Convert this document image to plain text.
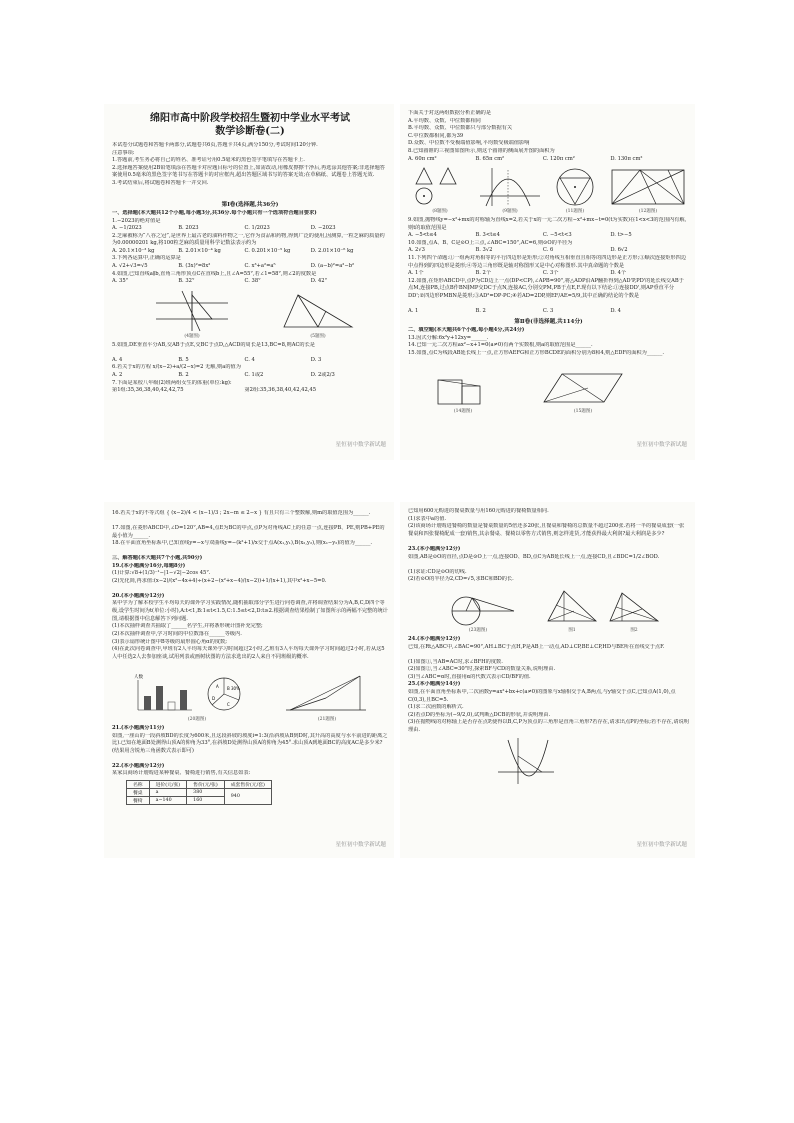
绵阳市高中阶段学校招生暨初中学业水平考试
数学诊断卷(二)
本试卷分试题卷和答题卡两部分,试题卷共6页,答题卡共4页,满分150分,考试时间120分钟.
注意事项:
1.答题前,考生务必将自己的姓名、准考证号用0.5毫米的黑色签字笔填写在答题卡上.
2.选择题答案使用2B铅笔填涂在答题卡对应题目标号的位置上,如需改动,用橡皮擦擦干净后,再选涂其他答案;非选择题答案使用0.5毫米的黑色签字笔书写在答题卡的对应框内,超出答题区域书写的答案无效;在草稿纸、试题卷上答题无效.
3.考试结束后,将试题卷和答题卡一并交回.
第Ⅰ卷(选择题,共36分)
一、选择题(本大题共12个小题,每小题3分,共36分.每个小题只有一个选项符合题目要求)
1.−2023的绝对值是
A. −1/2023	B. 2023	C. 1/2023	D. −2023
2.芝麻被称为“八谷之冠”,是世界上最古老的油料作物之一,它作为食品和药物,得到广泛的使用,因测算,一粒芝麻的质量约为0.00000201 kg,将100粒芝麻的质量用科学记数法表示约为
A. 20.1×10⁻³ kg	B. 2.01×10⁻⁴ kg	C. 0.201×10⁻⁵ kg	D. 2.01×10⁻⁶ kg
3.下列各运算中,正确的运算是
A. √2+√3=√5	B. (3x)²=8x²	C. x³+a²=a⁵	D. (a−b)²=a²−b²
4.如图,已知直线a∥b,直角三角形顶点C在直线b上,且∠A=55°,若∠1=58°,则∠2的度数是
A. 35°	B. 32°	C. 38°	D. 42°
(4题图)	(5题图)
5.如图,DE垂直平分AB,交AB于点E,交BC于点D,△ACD的周长是13,BC=8,则AC的长是
A. 4	B. 5	C. 4	D. 3
6.若关于x的方程 x/(x−2)+a/(2−x)=2 无解,则a的值为
A. 2	B. 2	C. 1或2	D. 2或2/3
7.下面是某校八年级(2)班两组女生的体重(单位:kg):
第1组:35,36,38,40,42,42,75	第2组:35,36,38,40,42,42,45
星恒初中数学新试题
下面关于对这两组数据分析正确的是
A.平均数、众数、中位数都相同
B.平均数、众数、中位数都只与部分数据有关
C.中位数都相同,都为39
D.众数、中位数不受极端值影响,平均数受极端值影响
8.已知圆锥的三视图如图所示,则这个圆锥的侧面展开图的面积为
A. 60π cm²	B. 65π cm²	C. 120π cm²	D. 130π cm²
(8题图)	(9题图)	(11题图)	(12题图)
9.如图,抛物线y=−x²+mx的对称轴为直线x=2,若关于x的一元二次方程−x²+mx−t=0(t为实数)在1<x<3的范围内有解,则t的取值范围是
A. −5<t≤4	B. 3<t≤4	C. −5<t<3	D. t>−5
10.如图,点A、B、C是⊙O上三点,∠ABC=150°,AC=6,则⊙O的半径为
A. 2√3	B. 3√2	C. 6	D. 6√2
11.下列四个命题:①一组两对角相等的平行四边形是矩形;②对角线互相垂直且相等的四边形是正方形;③顺次连接矩形四边中点得到的四边形是菱形;④等边三角形既是轴对称图形又是中心对称图形.其中真命题的个数是
A. 1个	B. 2个	C. 3个	D. 4个
12.如图,在矩形ABCD中,点P为CD边上一点(DP<CP),∠APB=90°,将△ADP沿AP翻折得到△AD'P,PD'的延长线交AB于点M,连接PB,过点B作BN∥MP交DC于点N,连接AC,分别交PM,PB于点E,F.现有以下结论:①连接DD',则AP垂直平分DD';②四边形PMBN是菱形;③AD²=DP·PC;④若AD=2DP,则EF/AE=5/9,其中正确的结论的个数是
A. 1	B. 2	C. 3	D. 4
第Ⅱ卷(非选择题,共114分)
二、填空题(本大题共6个小题,每小题4分,共24分)
13.因式分解:6x²y+12xy=______.
14.已知一元二次方程ax²−x+1=0(a≠0)有两个实数根,则a的取值范围是______.
15.如图,点C为线段AB延长线上一点,正方形AEFG和正方形BCDE的面积分别为8和4,则△EDF的面积为______.
(14题图)	(15题图)
星恒初中数学新试题
16.若关于x的不等式组 { (x−2)/4 < (x−1)/3 ; 2x−m ≤ 2−x } 有且只有三个整数解,则m的取值范围为______.
17.如图,在菱形ABCD中,∠D=120°,AB=4,点E为BC的中点,点P为对角线AC上的任意一点,连接PB、PE,则PB+PE的最小值为______.
18.在平面直角坐标系中,已知直线y=−x与双曲线y=−(k²+1)/x交于点A(x₁,y₁),B(x₂,y₂),则(x₁−y₂)的值为______.
三、解答题(本大题共7个小题,共90分)
19.(本小题满分16分,每题8分)
(1)计算:√8+(1/3)⁻¹−|1−√2|−2cos 45°.
(2)先化简,再求值:(x−2)/(x²−4x+4)÷(x+2−(x²+x−4)/(x−2))+1/(x+1),其中x²+x−5=0.
20.(本小题满分12分)
某中学为了解本校学生平均每天的课外学习实践情况,随机抽取部分学生进行问卷调查,并将调查结果分为A,B,C,D四个等级,设学生时间为t(单位:小时),A:t<1,B:1≤t<1.5,C:1.5≤t<2,D:t≥2.根据调查结果绘制了如图所示的两幅不完整的统计图,请根据图中信息解答下列问题.
(1)本次抽样调查共抽取了______名学生,并将条形统计图补充完整;
(2)本次抽样调查中,学习时间的中位数落在______等级内.
(3)表示扇形统计图中B等级的扇形圆心角α的度数;
(4)在此次问卷调查中,甲班有2人平均每天课外学习时间超过2小时,乙班有3人平均每天课外学习时间超过2小时,若从这5人中任选2人去参加座谈,试用列表或画树状图的方法求选出的2人来自不同班级的概率.
人数
A B 30%
C
D
(20题图)	(21题图)
21.(本小题满分11分)
如图,一座山的一段斜坡BD的长度为600米,且这段斜坡的坡度i=1:3(沿斜坡从B到D时,其升高的高度与水平前进的距离之比).已知在地面B处测得山顶A的仰角为33°,在斜坡D处测得山顶A的仰角为45°.求山顶A到地面BC的高度AC是多少米?(结果用含锐角三角函数式表示即可)
22.(本小题满分12分)
某家具商场计划购进某种餐桌、餐椅进行销售,有关信息如表:
名称	进价(元/张)	售价(元/张)	成套售价(元/套)
餐桌	a	380	940
餐椅	a−140	160	
星恒初中数学新试题
已知用600元购进的餐桌数量与用160元购进的餐椅数量相同.
(1)求表中a的值.
(2)该商场计划购进餐椅的数量是餐桌数量的5倍还多20张,且餐桌和餐椅的总数量不超过200张.若将一半的餐桌成套(一张餐桌和四张餐椅配成一套)销售,其余餐桌、餐椅以零售方式销售,则怎样进货,才能获得最大利润?最大利润是多少?
23.(本小题满分12分)
如图,AB是⊙O的直径,点D是⊙O上一点,连接OD、BD,点C为AB延长线上一点,连接CD,且∠BDC=1/2∠BOD.
(1)求证:CD是⊙O的切线.
(2)若⊙O的半径为2,CD=√5,求BC和BD的长.
(23题图)	图1	图2
24.(本小题满分12分)
已知,在Rt△ABC中,∠BAC=90°,AH⊥BC于点H,P是AB上一动点,AD⊥CP,BE⊥CP,HD与BE所在直线交于点F.
(1)如图①,当AB=AC时,求∠BFH的度数.
(2)如图②,当∠ABC=30°时,探索BF与CD的数量关系,说明理由.
(3)当∠ABC=α时,直接用α的代数式表示CD/BF的值.
25.(本小题满分14分)
如图,在平面直角坐标系中,二次函数y=ax²+bx+c(a≠0)的图象与x轴相交于A,B两点,与y轴交于点C,已知点A(1,0),点C(0,3),且BC=5.
(1)求二次函数的解析式.
(2)若点D的坐标为(−9/2,0),试判断△DCB的形状,并说明理由.
(3)在抛物线的对称轴上是否存在点P,使得以B,C,P为顶点的三角形是直角三角形?若存在,请求出点P的坐标;若不存在,请说明理由.
星恒初中数学新试题
